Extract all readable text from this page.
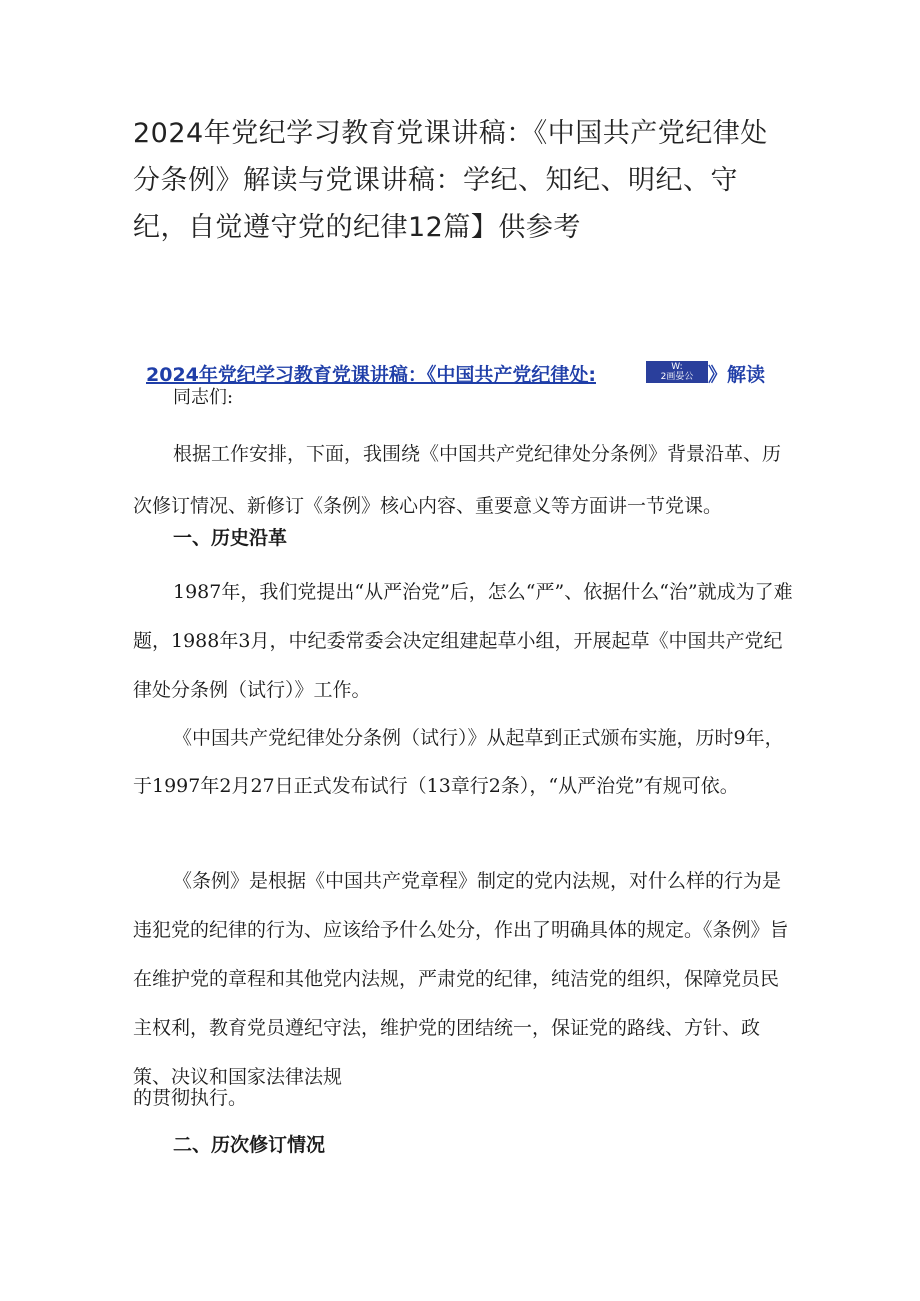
2024年党纪学习教育党课讲稿：《中国共产党纪律处分条例》解读与党课讲稿：学纪、知纪、明纪、守纪，自觉遵守党的纪律12篇】供参考
2024年党纪学习教育党课讲稿：《中国共产党纪律处:	W:
2画晏公 》解读

同志们:

根据工作安排，下面，我围绕《中国共产党纪律处分条例》背景沿革、历次修订情况、新修订《条例》核心内容、重要意义等方面讲一节党课。

一、历史沿革

1987年，我们党提出“从严治党”后，怎么“严”、依据什么“治”就成为了难题，1988年3月，中纪委常委会决定组建起草小组，开展起草《中国共产党纪律处分条例（试行）》工作。

《中国共产党纪律处分条例（试行）》从起草到正式颁布实施，历时9年，于1997年2月27日正式发布试行（13章行2条），“从严治党”有规可依。

《条例》是根据《中国共产党章程》制定的党内法规，对什么样的行为是违犯党的纪律的行为、应该给予什么处分，作出了明确具体的规定。《条例》旨在维护党的章程和其他党内法规，严肃党的纪律，纯洁党的组织，保障党员民主权利，教育党员遵纪守法，维护党的团结统一，保证党的路线、方针、政策、决议和国家法律法规

的贯彻执行。

二、历次修订情况
